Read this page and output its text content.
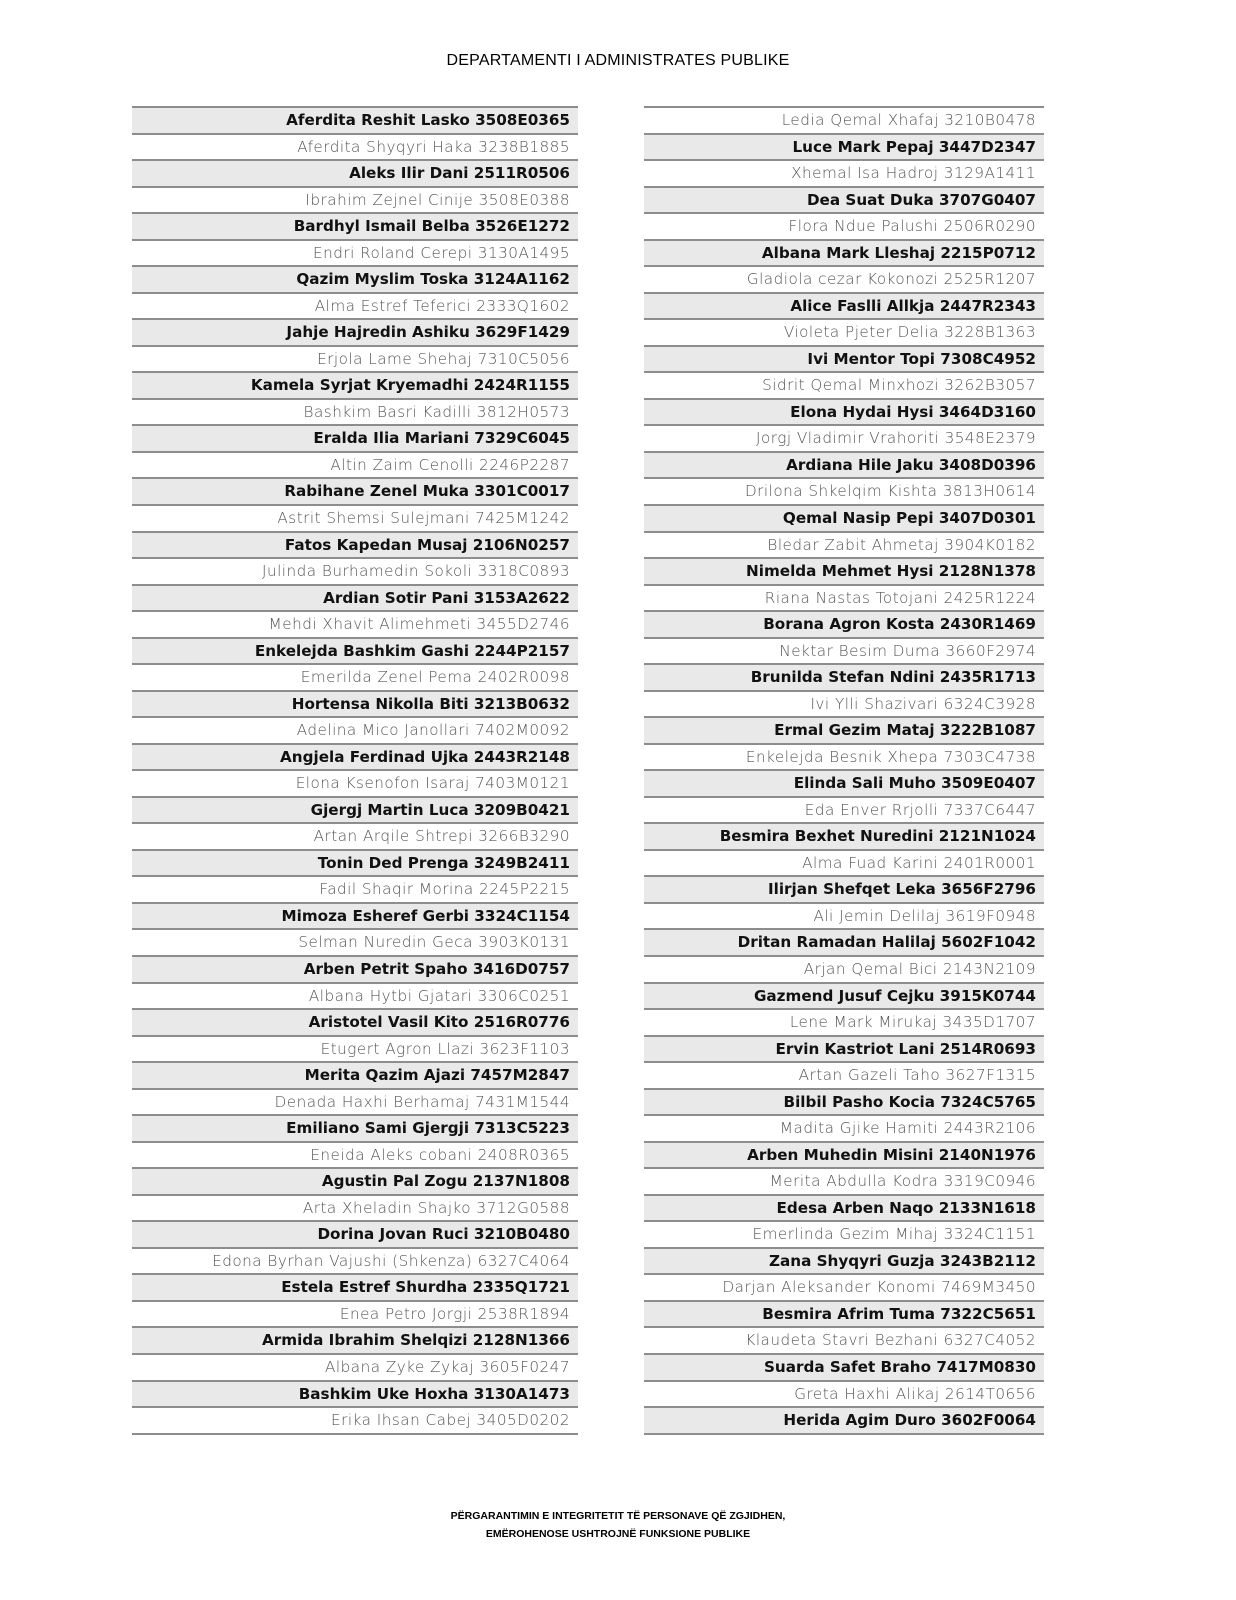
DEPARTAMENTI I ADMINISTRATES PUBLIKE
Aferdita Reshit Lasko 3508E0365
Aferdita Shyqyri Haka 3238B1885
Aleks Ilir Dani 2511R0506
Ibrahim Zejnel Cinije 3508E0388
Bardhyl Ismail Belba 3526E1272
Endri Roland Cerepi 3130A1495
Qazim Myslim Toska 3124A1162
Alma Estref Teferici 2333Q1602
Jahje Hajredin Ashiku 3629F1429
Erjola Lame Shehaj 7310C5056
Kamela Syrjat Kryemadhi 2424R1155
Bashkim Basri Kadilli 3812H0573
Eralda Ilia Mariani 7329C6045
Altin Zaim Cenolli 2246P2287
Rabihane Zenel Muka 3301C0017
Astrit Shemsi Sulejmani 7425M1242
Fatos Kapedan Musaj 2106N0257
Julinda Burhamedin Sokoli 3318C0893
Ardian Sotir Pani 3153A2622
Mehdi Xhavit Alimehmeti 3455D2746
Enkelejda Bashkim Gashi 2244P2157
Emerilda Zenel Pema 2402R0098
Hortensa Nikolla Biti 3213B0632
Adelina Mico Janollari 7402M0092
Angjela Ferdinad Ujka 2443R2148
Elona Ksenofon Isaraj 7403M0121
Gjergj Martin Luca 3209B0421
Artan Arqile Shtrepi 3266B3290
Tonin Ded Prenga 3249B2411
Fadil Shaqir Morina 2245P2215
Mimoza Esheref Gerbi 3324C1154
Selman Nuredin Geca 3903K0131
Arben Petrit Spaho 3416D0757
Albana Hytbi Gjatari 3306C0251
Aristotel Vasil Kito 2516R0776
Etugert Agron Llazi 3623F1103
Merita Qazim Ajazi 7457M2847
Denada Haxhi Berhamaj 7431M1544
Emiliano Sami Gjergji 7313C5223
Eneida Aleks cobani 2408R0365
Agustin Pal Zogu 2137N1808
Arta Xheladin Shajko 3712G0588
Dorina Jovan Ruci 3210B0480
Edona Byrhan Vajushi (Shkenza) 6327C4064
Estela Estref Shurdha 2335Q1721
Enea Petro Jorgji 2538R1894
Armida Ibrahim Shelqizi 2128N1366
Albana Zyke Zykaj 3605F0247
Bashkim Uke Hoxha 3130A1473
Erika Ihsan Cabej 3405D0202
Ledia Qemal Xhafaj 3210B0478
Luce Mark Pepaj 3447D2347
Xhemal Isa Hadroj 3129A1411
Dea Suat Duka 3707G0407
Flora Ndue Palushi 2506R0290
Albana Mark Lleshaj 2215P0712
Gladiola cezar Kokonozi 2525R1207
Alice Faslli Allkja 2447R2343
Violeta Pjeter Delia 3228B1363
Ivi Mentor Topi 7308C4952
Sidrit Qemal Minxhozi 3262B3057
Elona Hydai Hysi 3464D3160
Jorgj Vladimir Vrahoriti 3548E2379
Ardiana Hile Jaku 3408D0396
Drilona Shkelqim Kishta 3813H0614
Qemal Nasip Pepi 3407D0301
Bledar Zabit Ahmetaj 3904K0182
Nimelda Mehmet Hysi 2128N1378
Riana Nastas Totojani 2425R1224
Borana Agron Kosta 2430R1469
Nektar Besim Duma 3660F2974
Brunilda Stefan Ndini 2435R1713
Ivi Ylli Shazivari 6324C3928
Ermal Gezim Mataj 3222B1087
Enkelejda Besnik Xhepa 7303C4738
Elinda Sali Muho 3509E0407
Eda Enver Rrjolli 7337C6447
Besmira Bexhet Nuredini 2121N1024
Alma Fuad Karini 2401R0001
Ilirjan Shefqet Leka 3656F2796
Ali Jemin Delilaj 3619F0948
Dritan Ramadan Halilaj 5602F1042
Arjan Qemal Bici 2143N2109
Gazmend Jusuf Cejku 3915K0744
Lene Mark Mirukaj 3435D1707
Ervin Kastriot Lani 2514R0693
Artan Gazeli Taho 3627F1315
Bilbil Pasho Kocia 7324C5765
Madita Gjike Hamiti 2443R2106
Arben Muhedin Misini 2140N1976
Merita Abdulla Kodra 3319C0946
Edesa Arben Naqo 2133N1618
Emerlinda Gezim Mihaj 3324C1151
Zana Shyqyri Guzja 3243B2112
Darjan Aleksander Konomi 7469M3450
Besmira Afrim Tuma 7322C5651
Klaudeta Stavri Bezhani 6327C4052
Suarda Safet Braho 7417M0830
Greta Haxhi Alikaj 2614T0656
Herida Agim Duro 3602F0064
PËRGARANTIMIN E INTEGRITETIT TË PERSONAVE QË ZGJIDHEN,
EMËROHENOSE USHTROJNË FUNKSIONE PUBLIKE
